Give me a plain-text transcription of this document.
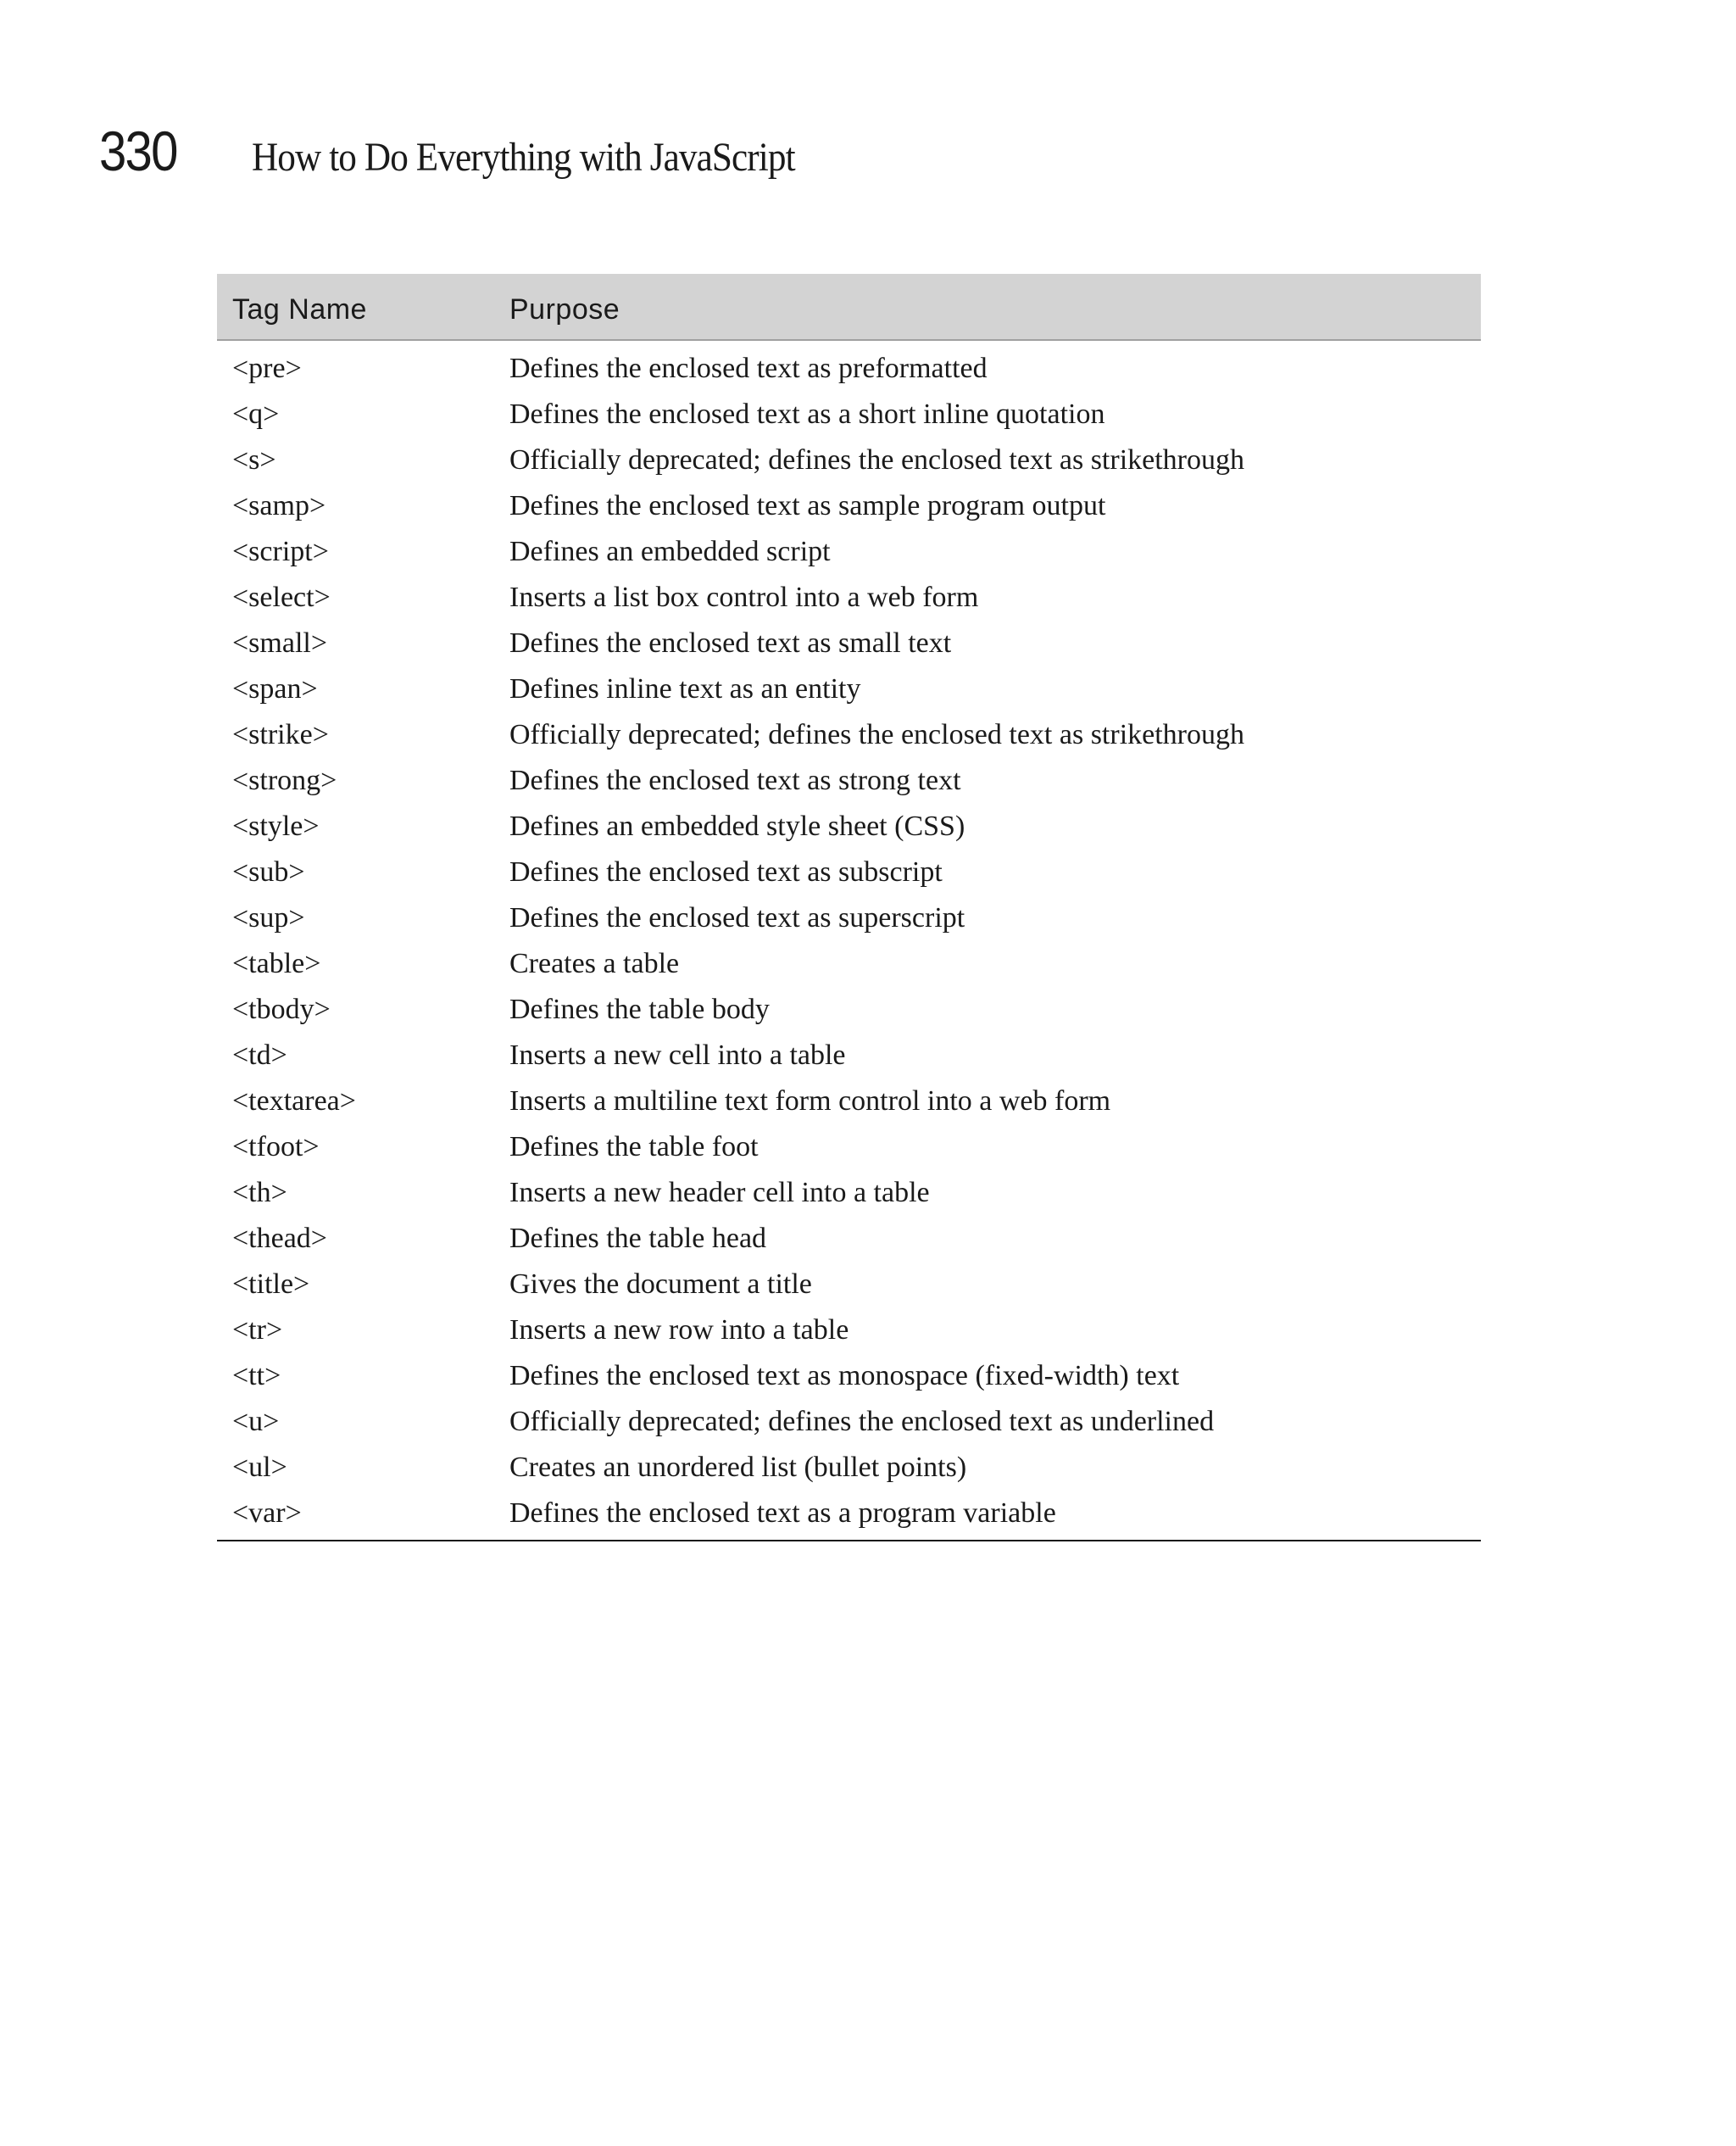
330	How to Do Everything with JavaScript
Tag Name	Purpose
<pre>	Defines the enclosed text as preformatted
<q>	Defines the enclosed text as a short inline quotation
<s>	Officially deprecated; defines the enclosed text as strikethrough
<samp>	Defines the enclosed text as sample program output
<script>	Defines an embedded script
<select>	Inserts a list box control into a web form
<small>	Defines the enclosed text as small text
<span>	Defines inline text as an entity
<strike>	Officially deprecated; defines the enclosed text as strikethrough
<strong>	Defines the enclosed text as strong text
<style>	Defines an embedded style sheet (CSS)
<sub>	Defines the enclosed text as subscript
<sup>	Defines the enclosed text as superscript
<table>	Creates a table
<tbody>	Defines the table body
<td>	Inserts a new cell into a table
<textarea>	Inserts a multiline text form control into a web form
<tfoot>	Defines the table foot
<th>	Inserts a new header cell into a table
<thead>	Defines the table head
<title>	Gives the document a title
<tr>	Inserts a new row into a table
<tt>	Defines the enclosed text as monospace (fixed-width) text
<u>	Officially deprecated; defines the enclosed text as underlined
<ul>	Creates an unordered list (bullet points)
<var>	Defines the enclosed text as a program variable
